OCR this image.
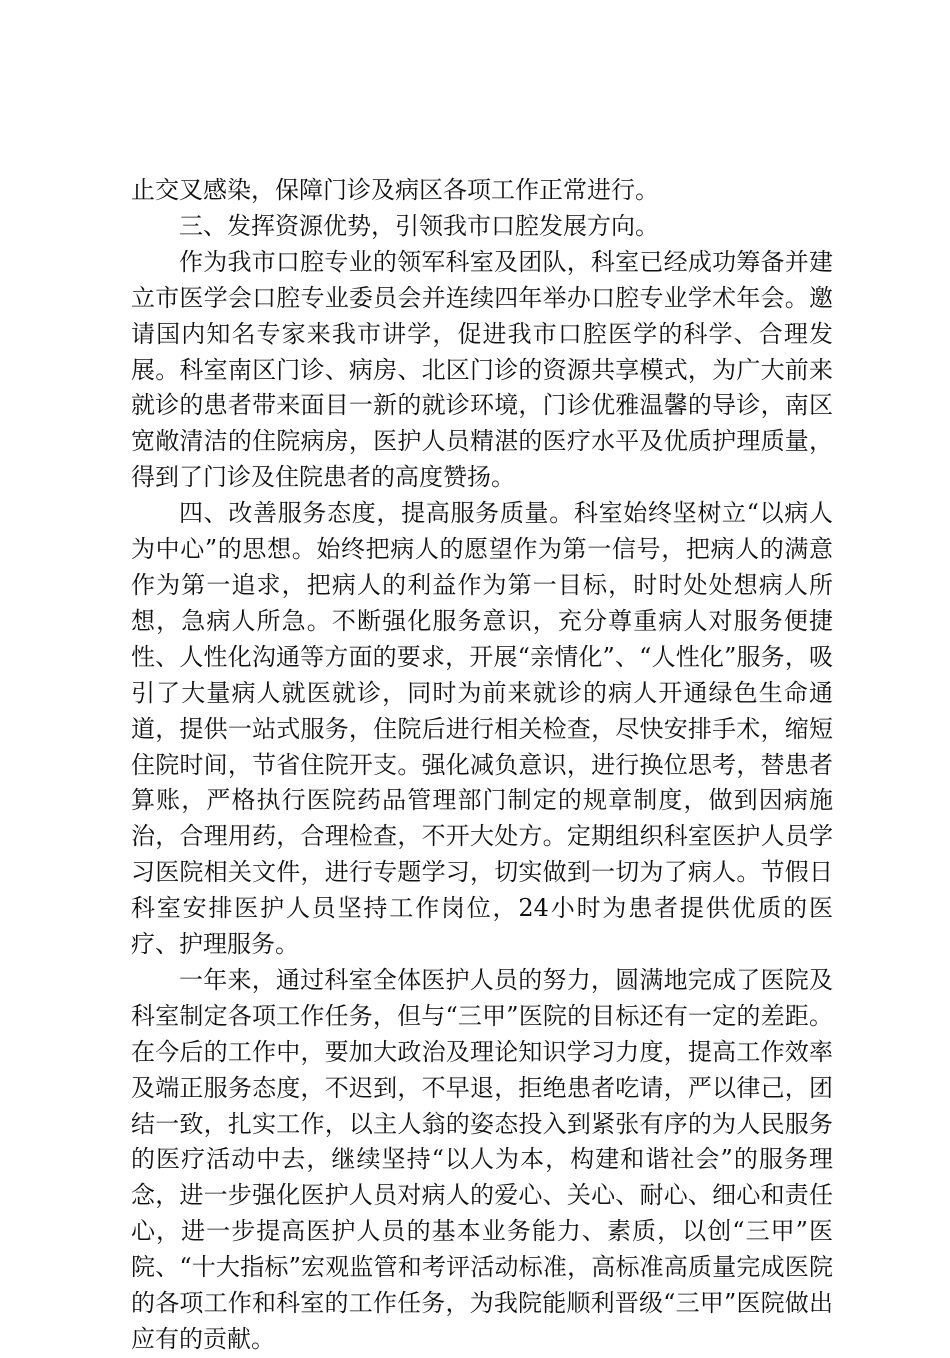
止交叉感染，保障门诊及病区各项工作正常进行。

三、发挥资源优势，引领我市口腔发展方向。

作为我市口腔专业的领军科室及团队，科室已经成功筹备并建立市医学会口腔专业委员会并连续四年举办口腔专业学术年会。邀请国内知名专家来我市讲学，促进我市口腔医学的科学、合理发展。科室南区门诊、病房、北区门诊的资源共享模式，为广大前来就诊的患者带来面目一新的就诊环境，门诊优雅温馨的导诊，南区宽敞清洁的住院病房，医护人员精湛的医疗水平及优质护理质量，得到了门诊及住院患者的高度赞扬。

四、改善服务态度，提高服务质量。科室始终坚树立“以病人为中心”的思想。始终把病人的愿望作为第一信号，把病人的满意作为第一追求，把病人的利益作为第一目标，时时处处想病人所想，急病人所急。不断强化服务意识，充分尊重病人对服务便捷性、人性化沟通等方面的要求，开展“亲情化”、“人性化”服务，吸引了大量病人就医就诊，同时为前来就诊的病人开通绿色生命通道，提供一站式服务，住院后进行相关检查，尽快安排手术，缩短住院时间，节省住院开支。强化减负意识，进行换位思考，替患者算账，严格执行医院药品管理部门制定的规章制度，做到因病施治，合理用药，合理检查，不开大处方。定期组织科室医护人员学习医院相关文件，进行专题学习，切实做到一切为了病人。节假日科室安排医护人员坚持工作岗位，24小时为患者提供优质的医疗、护理服务。

一年来，通过科室全体医护人员的努力，圆满地完成了医院及科室制定各项工作任务，但与“三甲”医院的目标还有一定的差距。在今后的工作中，要加大政治及理论知识学习力度，提高工作效率及端正服务态度，不迟到，不早退，拒绝患者吃请，严以律己，团结一致，扎实工作，以主人翁的姿态投入到紧张有序的为人民服务的医疗活动中去，继续坚持“以人为本，构建和谐社会”的服务理念，进一步强化医护人员对病人的爱心、关心、耐心、细心和责任心，进一步提高医护人员的基本业务能力、素质，以创“三甲”医院、“十大指标”宏观监管和考评活动标准，高标准高质量完成医院的各项工作和科室的工作任务，为我院能顺利晋级“三甲”医院做出应有的贡献。
